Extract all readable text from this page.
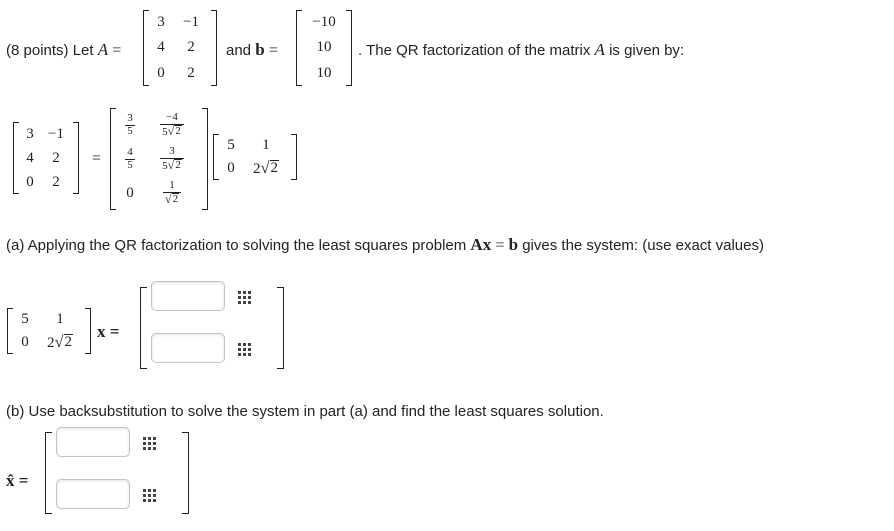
(8 points) Let A =
3	−1
4	2
0	2
and b =
−10
10
10
. The QR factorization of the matrix A is given by:
3 −1
4	2
0	2
=
$\frac{3}{5} \frac{-4}{5 √ 2}$
$\frac{4}{5} \frac{3}{5 √ 2}$
0	$\frac{1}{√ 2}$
5	1
0	2 √ 2
(a) Applying the QR factorization to solving the least squares problem Ax = b gives the system: (use exact values)
5	1
0	2 √ 2
x =
(b) Use backsubstitution to solve the system in part (a) and find the least squares solution.
x̂ =
